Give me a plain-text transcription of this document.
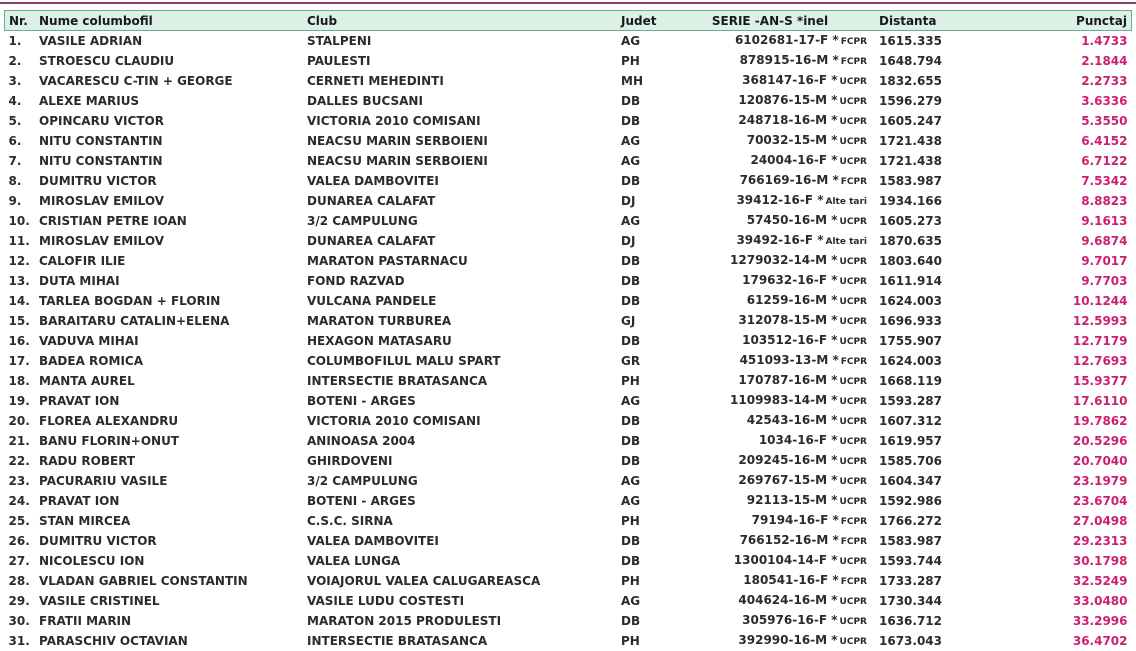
Nr.	Nume columbofil	Club	Judet	SERIE -AN-S *inel	Distanta	Punctaj
1.	VASILE ADRIAN	STALPENI	AG	6102681-17-F * FCPR	1615.335	1.4733
2.	STROESCU CLAUDIU	PAULESTI	PH	878915-16-M * FCPR	1648.794	2.1844
3.	VACARESCU C-TIN + GEORGE	CERNETI MEHEDINTI	MH	368147-16-F * UCPR	1832.655	2.2733
4.	ALEXE MARIUS	DALLES BUCSANI	DB	120876-15-M * UCPR	1596.279	3.6336
5.	OPINCARU VICTOR	VICTORIA 2010 COMISANI	DB	248718-16-M * UCPR	1605.247	5.3550
6.	NITU CONSTANTIN	NEACSU MARIN SERBOIENI	AG	70032-15-M * UCPR	1721.438	6.4152
7.	NITU CONSTANTIN	NEACSU MARIN SERBOIENI	AG	24004-16-F * UCPR	1721.438	6.7122
8.	DUMITRU VICTOR	VALEA DAMBOVITEI	DB	766169-16-M * FCPR	1583.987	7.5342
9.	MIROSLAV EMILOV	DUNAREA CALAFAT	DJ	39412-16-F * Alte tari	1934.166	8.8823
10.	CRISTIAN PETRE IOAN	3/2 CAMPULUNG	AG	57450-16-M * UCPR	1605.273	9.1613
11.	MIROSLAV EMILOV	DUNAREA CALAFAT	DJ	39492-16-F * Alte tari	1870.635	9.6874
12.	CALOFIR ILIE	MARATON PASTARNACU	DB	1279032-14-M * UCPR	1803.640	9.7017
13.	DUTA MIHAI	FOND RAZVAD	DB	179632-16-F * UCPR	1611.914	9.7703
14.	TARLEA BOGDAN + FLORIN	VULCANA PANDELE	DB	61259-16-M * UCPR	1624.003	10.1244
15.	BARAITARU CATALIN+ELENA	MARATON TURBUREA	GJ	312078-15-M * UCPR	1696.933	12.5993
16.	VADUVA MIHAI	HEXAGON MATASARU	DB	103512-16-F * UCPR	1755.907	12.7179
17.	BADEA ROMICA	COLUMBOFILUL MALU SPART	GR	451093-13-M * FCPR	1624.003	12.7693
18.	MANTA AUREL	INTERSECTIE BRATASANCA	PH	170787-16-M * UCPR	1668.119	15.9377
19.	PRAVAT ION	BOTENI - ARGES	AG	1109983-14-M * UCPR	1593.287	17.6110
20.	FLOREA ALEXANDRU	VICTORIA 2010 COMISANI	DB	42543-16-M * UCPR	1607.312	19.7862
21.	BANU FLORIN+ONUT	ANINOASA 2004	DB	1034-16-F * UCPR	1619.957	20.5296
22.	RADU ROBERT	GHIRDOVENI	DB	209245-16-M * UCPR	1585.706	20.7040
23.	PACURARIU VASILE	3/2 CAMPULUNG	AG	269767-15-M * UCPR	1604.347	23.1979
24.	PRAVAT ION	BOTENI - ARGES	AG	92113-15-M * UCPR	1592.986	23.6704
25.	STAN MIRCEA	C.S.C. SIRNA	PH	79194-16-F * FCPR	1766.272	27.0498
26.	DUMITRU VICTOR	VALEA DAMBOVITEI	DB	766152-16-M * FCPR	1583.987	29.2313
27.	NICOLESCU ION	VALEA LUNGA	DB	1300104-14-F * UCPR	1593.744	30.1798
28.	VLADAN GABRIEL CONSTANTIN	VOIAJORUL VALEA CALUGAREASCA	PH	180541-16-F * FCPR	1733.287	32.5249
29.	VASILE CRISTINEL	VASILE LUDU COSTESTI	AG	404624-16-M * UCPR	1730.344	33.0480
30.	FRATII MARIN	MARATON 2015 PRODULESTI	DB	305976-16-F * UCPR	1636.712	33.2996
31.	PARASCHIV OCTAVIAN	INTERSECTIE BRATASANCA	PH	392990-16-M * UCPR	1673.043	36.4702
